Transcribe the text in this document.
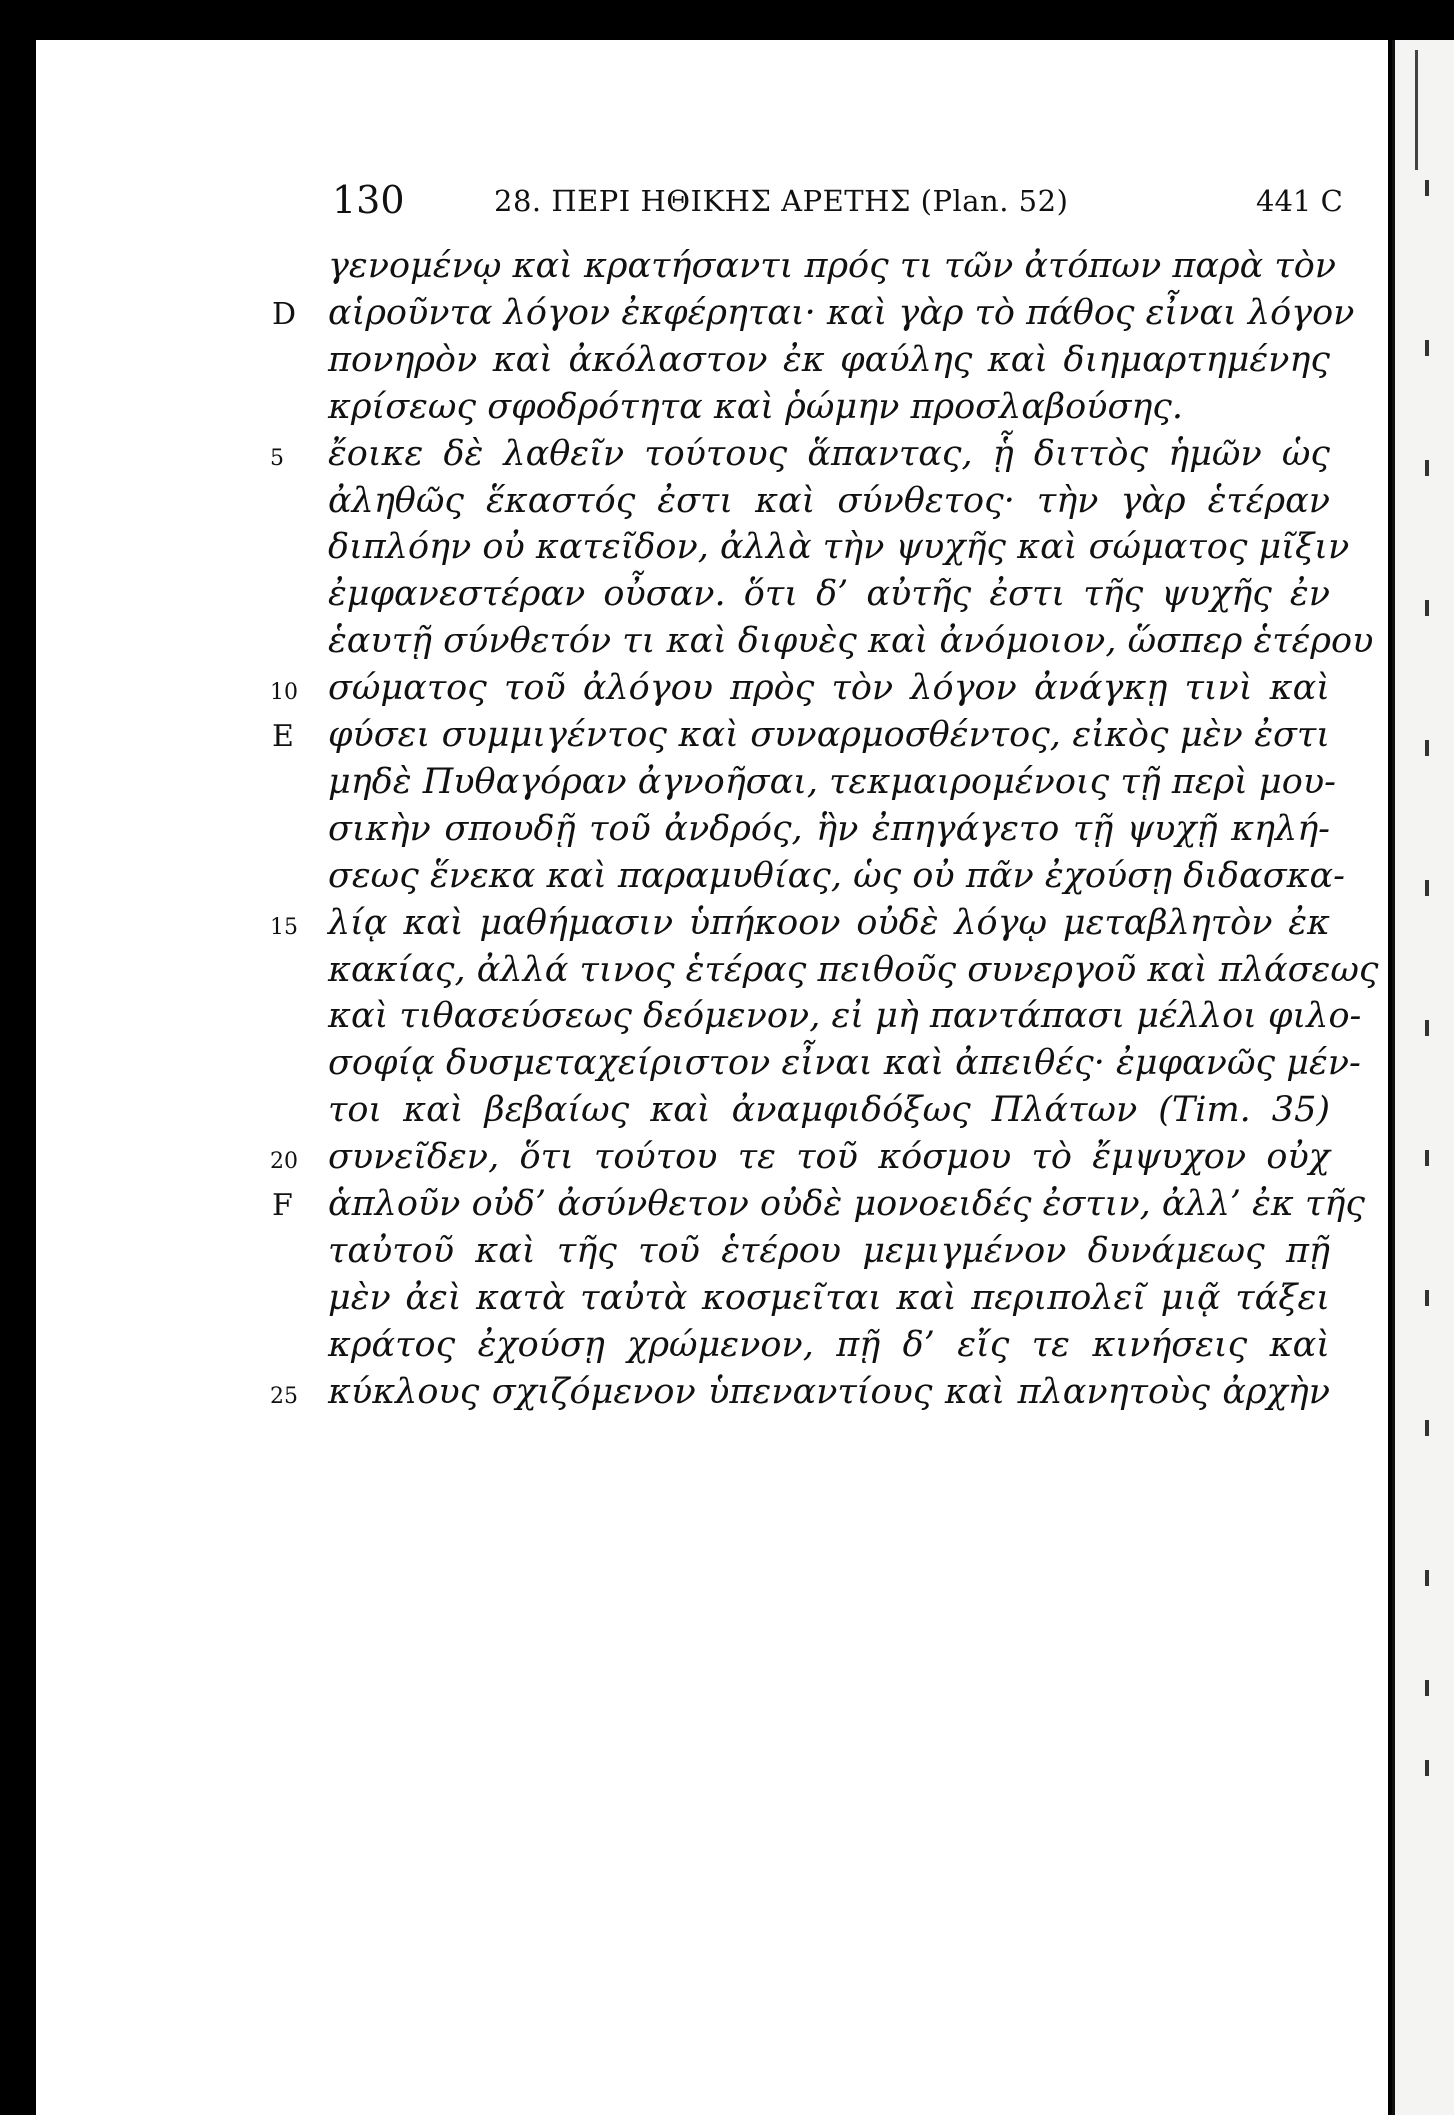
130	28. ΠΕΡΙ ΗΘΙΚΗΣ ΑΡΕΤΗΣ (Plan. 52)	441 C
γενομένῳ καὶ κρατήσαντι πρός τι τῶν ἀτόπων παρὰ τὸν
αἱροῦντα λόγον ἐκφέρηται· καὶ γὰρ τὸ πάθος εἶναι λόγον
D
πονηρὸν καὶ ἀκόλαστον ἐκ φαύλης καὶ διημαρτημένης
κρίσεως σφοδρότητα καὶ ῥώμην προσλαβούσης.
ἔοικε δὲ λαθεῖν τούτους ἅπαντας, ᾗ διττὸς ἡμῶν ὡς
5
ἀληθῶς ἕκαστός ἐστι καὶ σύνθετος· τὴν γὰρ ἑτέραν
διπλόην οὐ κατεῖδον, ἀλλὰ τὴν ψυχῆς καὶ σώματος μῖξιν
ἐμφανεστέραν οὖσαν. ὅτι δ’ αὐτῆς ἐστι τῆς ψυχῆς ἐν
ἑαυτῇ σύνθετόν τι καὶ διφυὲς καὶ ἀνόμοιον, ὥσπερ ἑτέρου
σώματος τοῦ ἀλόγου πρὸς τὸν λόγον ἀνάγκῃ τινὶ καὶ
10
φύσει συμμιγέντος καὶ συναρμοσθέντος, εἰκὸς μὲν ἐστι
E
μηδὲ Πυθαγόραν ἀγνοῆσαι, τεκμαιρομένοις τῇ περὶ μου-
σικὴν σπουδῇ τοῦ ἀνδρός, ἣν ἐπηγάγετο τῇ ψυχῇ κηλή-
σεως ἕνεκα καὶ παραμυθίας, ὡς οὐ πᾶν ἐχούσῃ διδασκα-
λίᾳ καὶ μαθήμασιν ὑπήκοον οὐδὲ λόγῳ μεταβλητὸν ἐκ
15
κακίας, ἀλλά τινος ἑτέρας πειθοῦς συνεργοῦ καὶ πλάσεως
καὶ τιθασεύσεως δεόμενον, εἰ μὴ παντάπασι μέλλοι φιλο-
σοφίᾳ δυσμεταχείριστον εἶναι καὶ ἀπειθές· ἐμφανῶς μέν-
τοι καὶ βεβαίως καὶ ἀναμφιδόξως Πλάτων (Tim. 35)
συνεῖδεν, ὅτι τούτου τε τοῦ κόσμου τὸ ἔμψυχον οὐχ
20
ἁπλοῦν οὐδ’ ἀσύνθετον οὐδὲ μονοειδές ἐστιν, ἀλλ’ ἐκ τῆς
F
ταὐτοῦ καὶ τῆς τοῦ ἑτέρου μεμιγμένον δυνάμεως πῇ
μὲν ἀεὶ κατὰ ταὐτὰ κοσμεῖται καὶ περιπολεῖ μιᾷ τάξει
κράτος ἐχούσῃ χρώμενον, πῇ δ’ εἴς τε κινήσεις καὶ
κύκλους σχιζόμενον ὑπεναντίους καὶ πλανητοὺς ἀρχὴν
25
